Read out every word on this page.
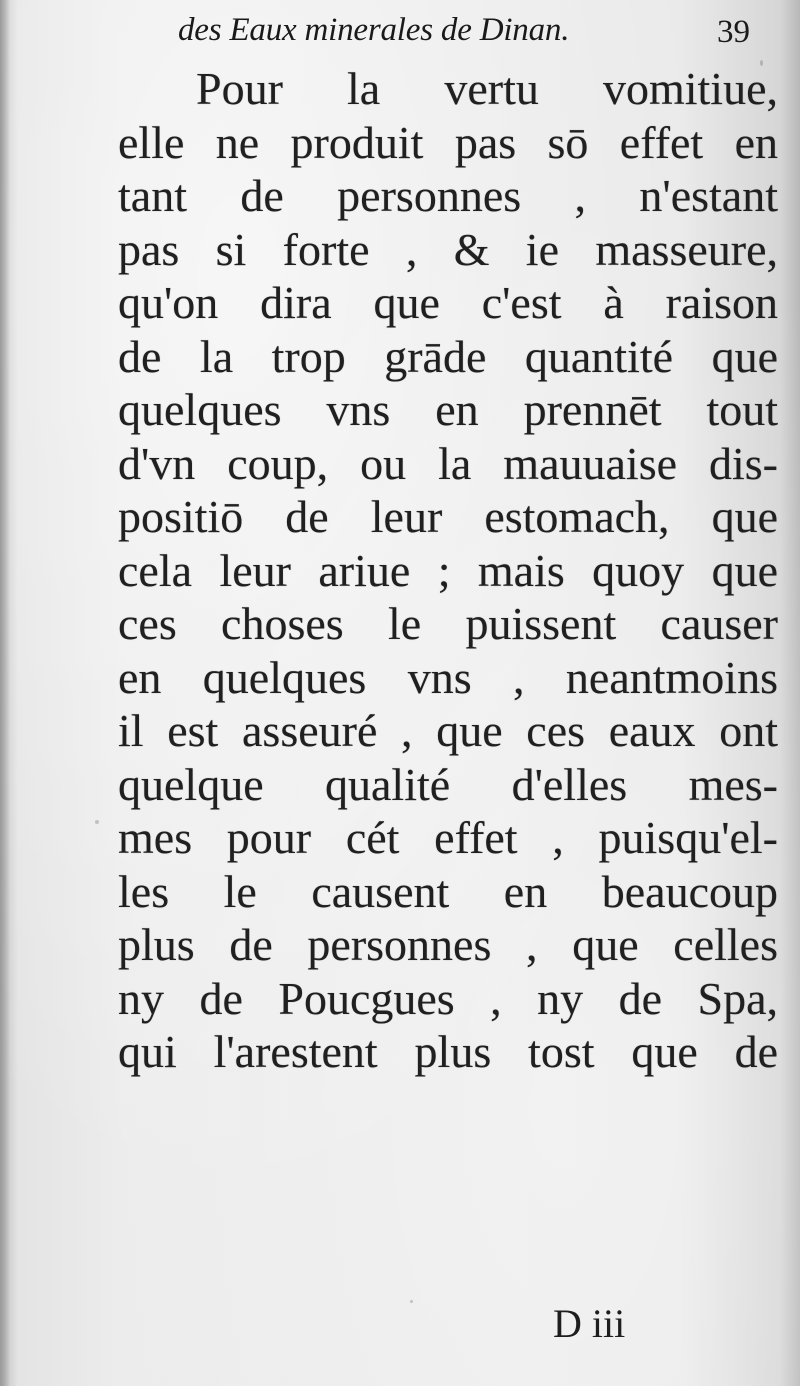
des Eaux minerales de Dinan.	39
Pour la vertu vomitiue,
elle ne produit pas sō effet en
tant de personnes , n'estant
pas si forte , & ie masseure,
qu'on dira que c'est à raison
de la trop grāde quantité que
quelques vns en prennēt tout
d'vn coup, ou la mauuaise dis-
positiō de leur estomach, que
cela leur ariue ; mais quoy que
ces choses le puissent causer
en quelques vns , neantmoins
il est asseuré , que ces eaux ont
quelque qualité d'elles mes-
mes pour cét effet , puisqu'el-
les le causent en beaucoup
plus de personnes , que celles
ny de Poucgues , ny de Spa,
qui l'arestent plus tost que de
D iii
